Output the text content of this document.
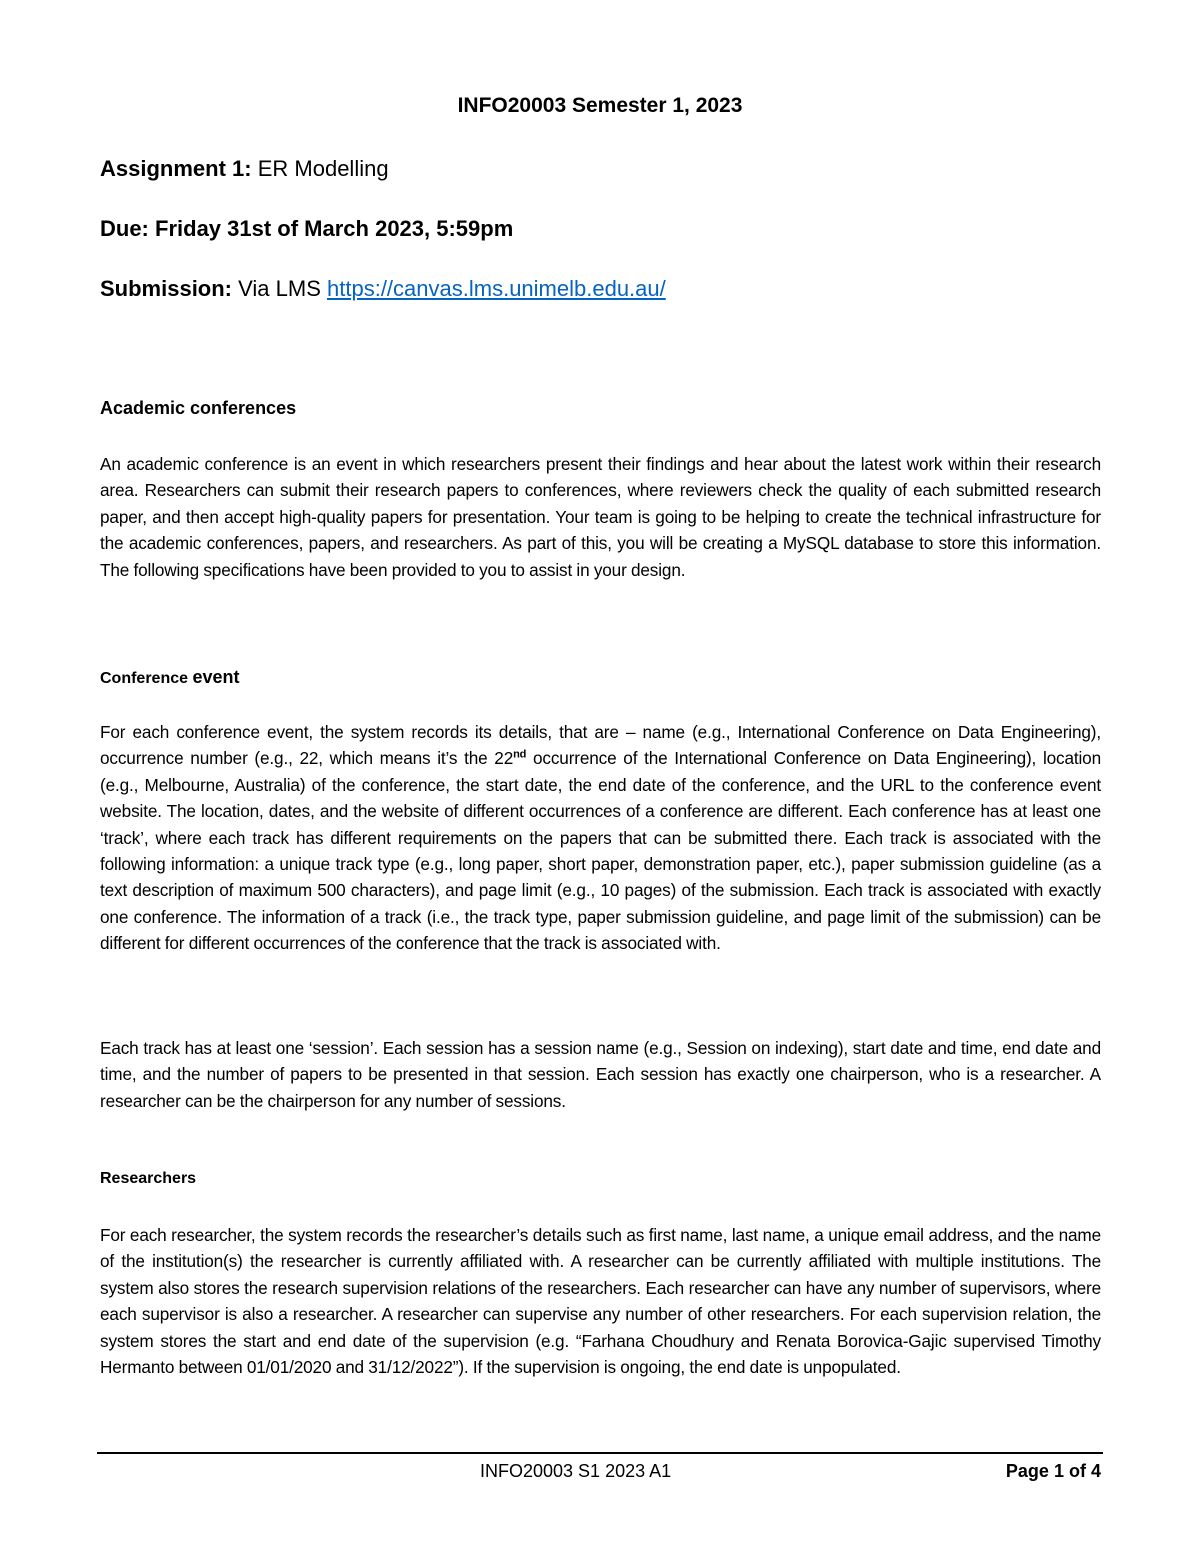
INFO20003 Semester 1, 2023
Assignment 1: ER Modelling
Due: Friday 31st of March 2023, 5:59pm
Submission: Via LMS https://canvas.lms.unimelb.edu.au/
Academic conferences
An academic conference is an event in which researchers present their findings and hear about the latest work within their research area. Researchers can submit their research papers to conferences, where reviewers check the quality of each submitted research paper, and then accept high-quality papers for presentation. Your team is going to be helping to create the technical infrastructure for the academic conferences, papers, and researchers. As part of this, you will be creating a MySQL database to store this information. The following specifications have been provided to you to assist in your design.
Conference event
For each conference event, the system records its details, that are – name (e.g., International Conference on Data Engineering), occurrence number (e.g., 22, which means it’s the 22nd occurrence of the International Conference on Data Engineering), location (e.g., Melbourne, Australia) of the conference, the start date, the end date of the conference, and the URL to the conference event website. The location, dates, and the website of different occurrences of a conference are different. Each conference has at least one ‘track’, where each track has different requirements on the papers that can be submitted there. Each track is associated with the following information: a unique track type (e.g., long paper, short paper, demonstration paper, etc.), paper submission guideline (as a text description of maximum 500 characters), and page limit (e.g., 10 pages) of the submission. Each track is associated with exactly one conference. The information of a track (i.e., the track type, paper submission guideline, and page limit of the submission) can be different for different occurrences of the conference that the track is associated with.
Each track has at least one ‘session’. Each session has a session name (e.g., Session on indexing), start date and time, end date and time, and the number of papers to be presented in that session. Each session has exactly one chairperson, who is a researcher. A researcher can be the chairperson for any number of sessions.
Researchers
For each researcher, the system records the researcher’s details such as first name, last name, a unique email address, and the name of the institution(s) the researcher is currently affiliated with. A researcher can be currently affiliated with multiple institutions. The system also stores the research supervision relations of the researchers. Each researcher can have any number of supervisors, where each supervisor is also a researcher. A researcher can supervise any number of other researchers. For each supervision relation, the system stores the start and end date of the supervision (e.g. “Farhana Choudhury and Renata Borovica-Gajic supervised Timothy Hermanto between 01/01/2020 and 31/12/2022”). If the supervision is ongoing, the end date is unpopulated.
INFO20003 S1 2023 A1	Page 1 of 4
